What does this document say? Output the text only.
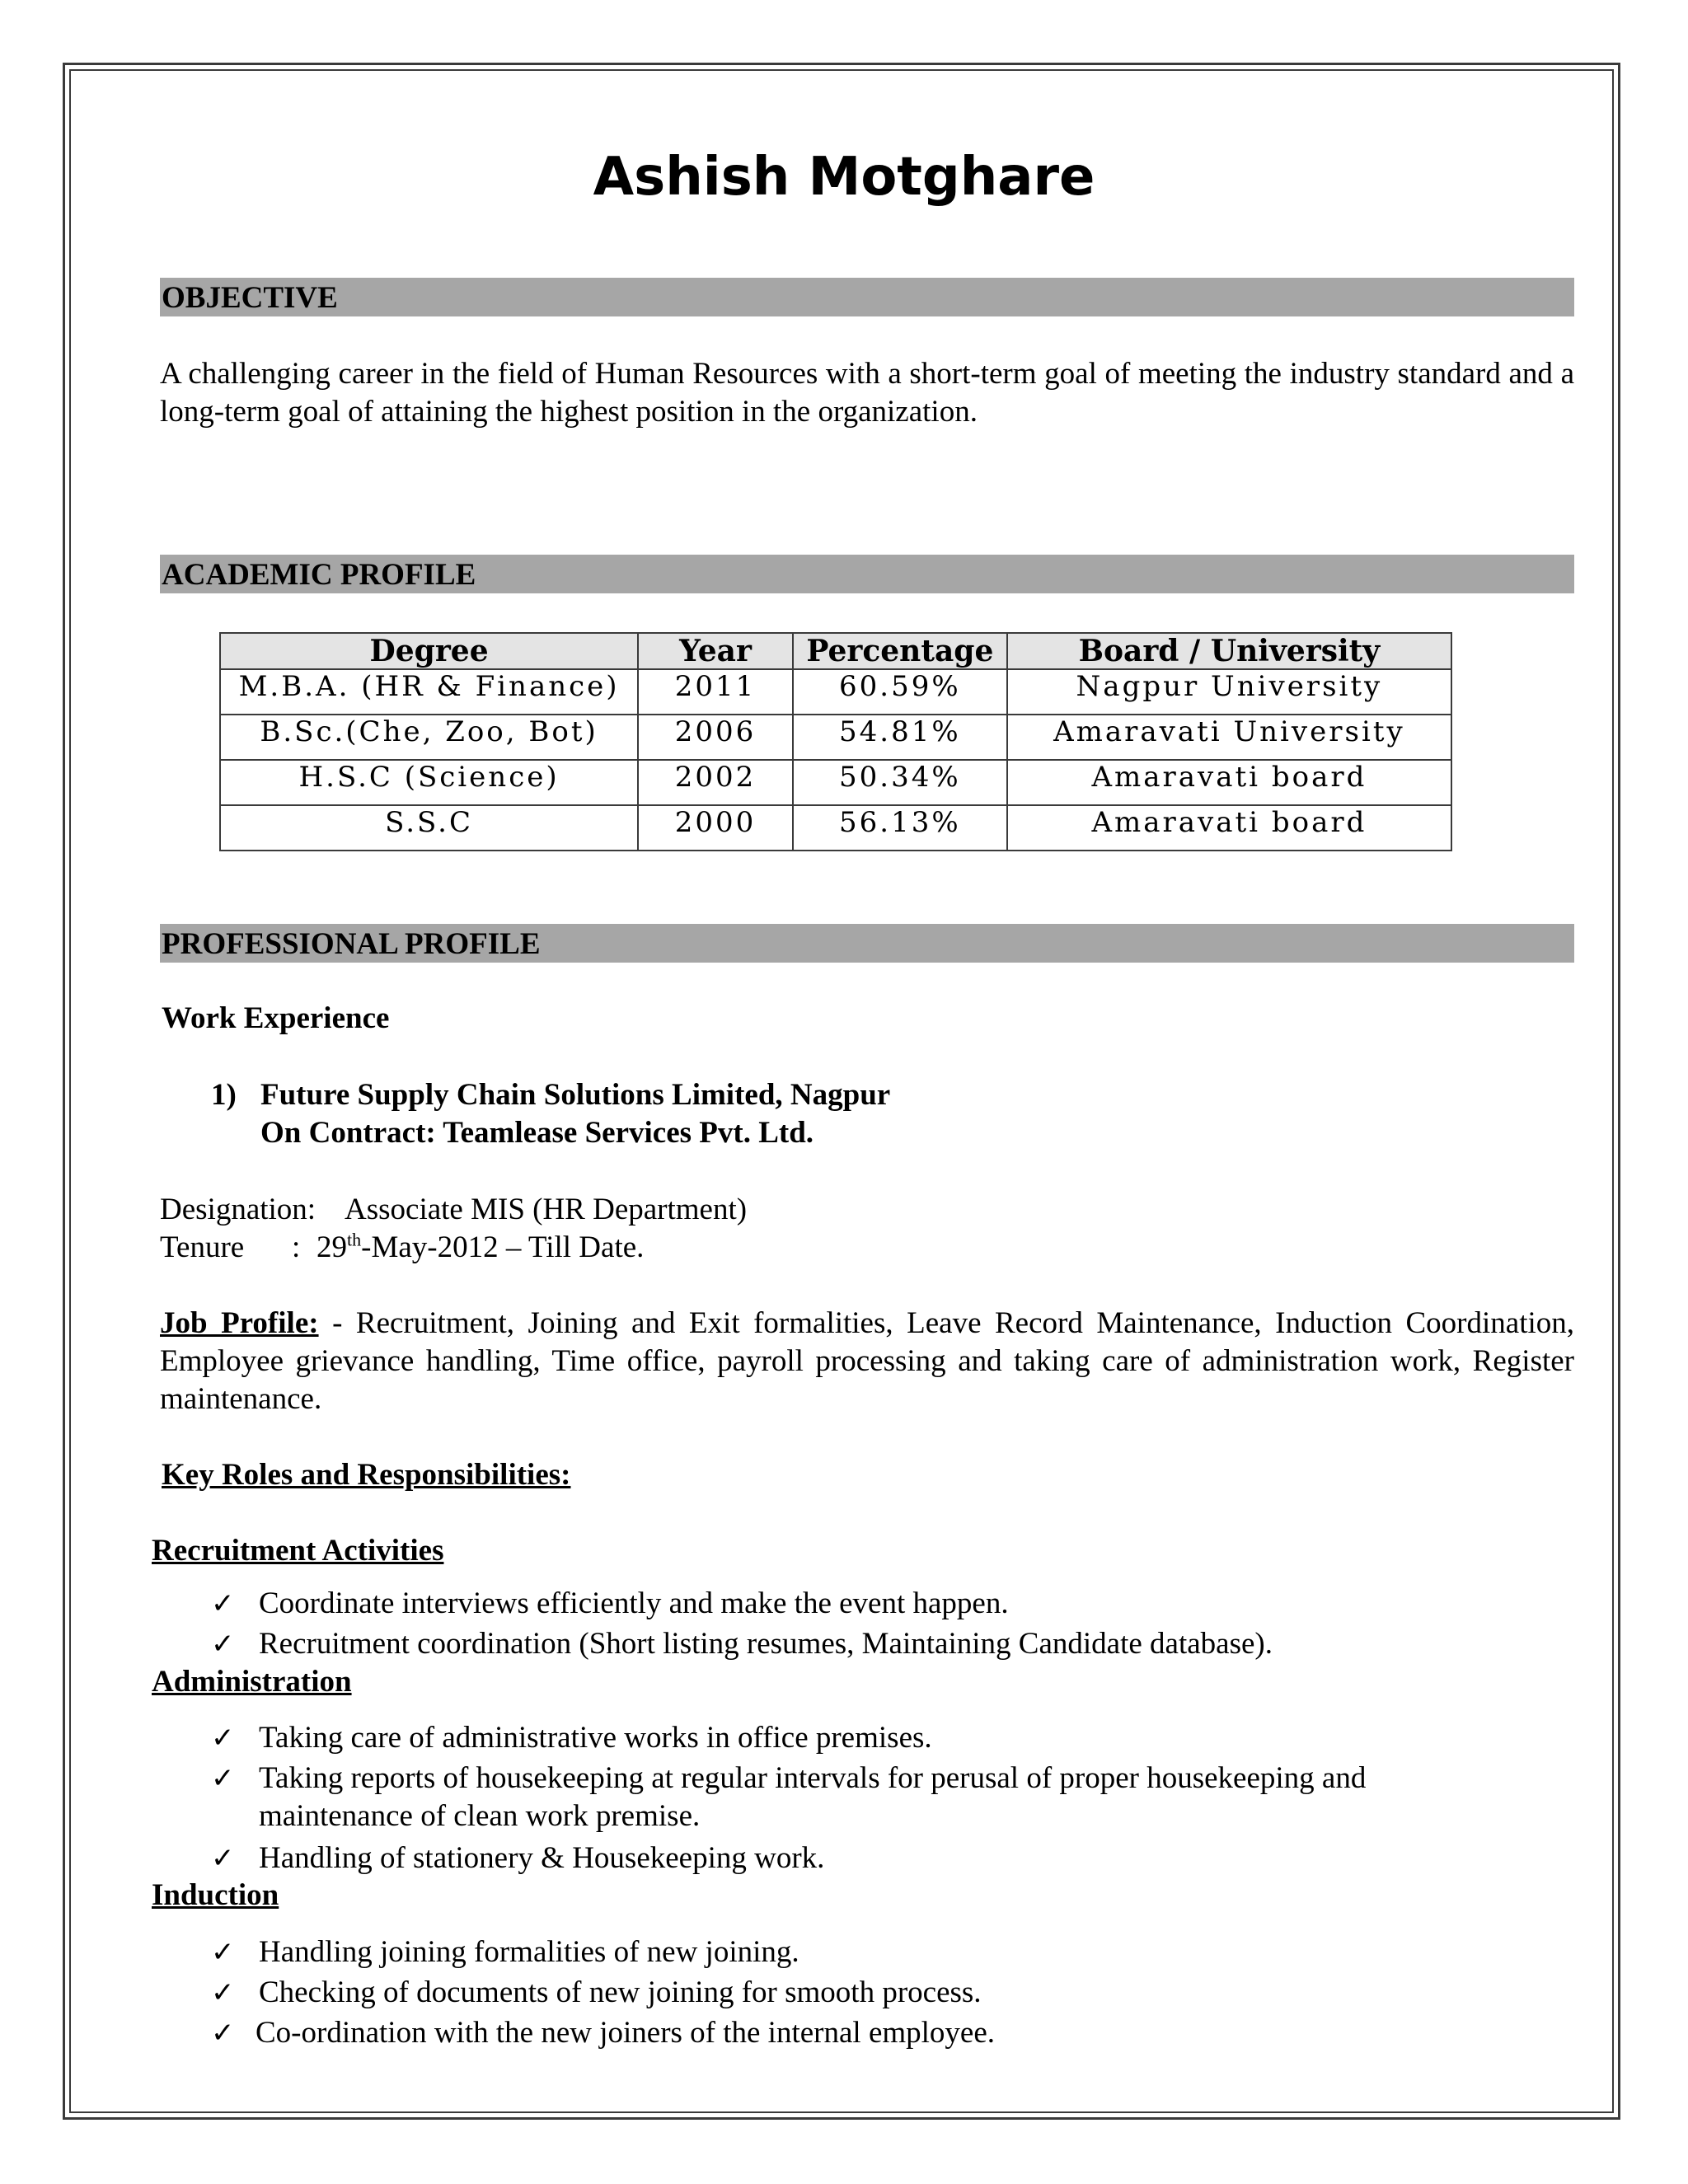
Ashish Motghare
OBJECTIVE
A challenging career in the field of Human Resources with a short-term goal of meeting the industry standard and a long-term goal of attaining the highest position in the organization.
ACADEMIC PROFILE
Degree	Year	Percentage	Board / University
M.B.A. (HR & Finance)	2011	60.59%	Nagpur University
B.Sc.(Che, Zoo, Bot)	2006	54.81%	Amaravati University
H.S.C (Science)	2002	50.34%	Amaravati board
S.S.C	2000	56.13%	Amaravati board
PROFESSIONAL PROFILE
Work Experience
1) Future Supply Chain Solutions Limited, Nagpur
On Contract: Teamlease Services Pvt. Ltd.
Designation: Associate MIS (HR Department)
Tenure : 29th-May-2012 – Till Date.
Job Profile: - Recruitment, Joining and Exit formalities, Leave Record Maintenance, Induction Coordination, Employee grievance handling, Time office, payroll processing and taking care of administration work, Register maintenance.
Key Roles and Responsibilities:
Recruitment Activities
✓ Coordinate interviews efficiently and make the event happen.
✓ Recruitment coordination (Short listing resumes, Maintaining Candidate database).
Administration
✓ Taking care of administrative works in office premises.
✓ Taking reports of housekeeping at regular intervals for perusal of proper housekeeping and
maintenance of clean work premise.
✓ Handling of stationery & Housekeeping work.
Induction
✓ Handling joining formalities of new joining.
✓ Checking of documents of new joining for smooth process.
✓ Co-ordination with the new joiners of the internal employee.
